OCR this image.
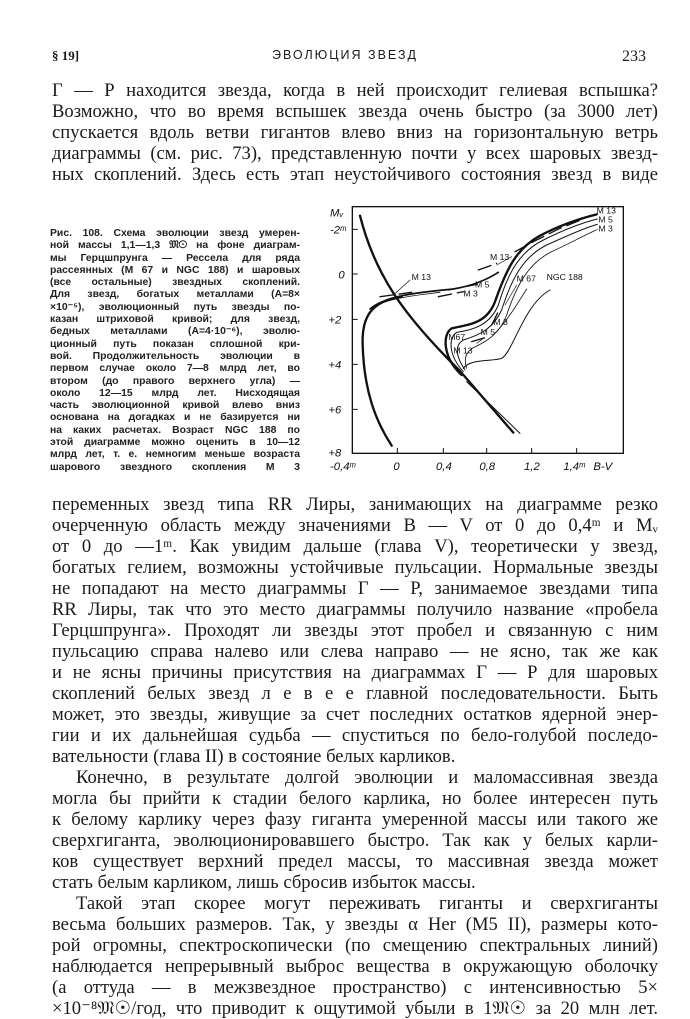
§ 19]	ЭВОЛЮЦИЯ ЗВЕЗД	233
Г — Р находится звезда, когда в ней происходит гелиевая вспышка?
Возможно, что во время вспышек звезда очень быстро (за 3000 лет)
спускается вдоль ветви гигантов влево вниз на горизонтальную ветрь
диаграммы (см. рис. 73), представленную почти у всех шаровых звезд-
ных скоплений. Здесь есть этап неустойчивого состояния звезд в виде
Рис. 108. Схема эволюции звезд умерен-
ной массы 1,1—1,3 𝔐☉ на фоне диаграм-
мы Герцшпрунга — Рессела для ряда
рассеянных (М 67 и NGC 188) и шаровых
(все остальные) звездных скоплений.
Для звезд, богатых металлами (A=8×
×10⁻⁵), эволюционный путь звезды по-
казан штриховой кривой; для звезд,
бедных металлами (A=4·10⁻⁶), эволю-
ционный путь показан сплошной кри-
вой. Продолжительность эволюции в
первом случае около 7—8 млрд лет, во
втором (до правого верхнего угла) —
около 12—15 млрд лет. Нисходящая
часть эволюционной кривой влево вниз
основана на догадках и не базируется ни
на каких расчетах. Возраст NGC 188 по
этой диаграмме можно оценить в 10—12
млрд лет, т. е. немногим меньше возраста
шарового звездного скопления М 3
Mᵥ
-2ᵐ
0
+2
+4
+6
+8
-0,4ᵐ 0 0,4 0,8 1,2 1,4ᵐ B-V
M 13
M 5
M 3
M 13
M 67 NGC 188
M 13
M 5
M 3
M67 M 5
M 3
M 13
переменных звезд типа RR Лиры, занимающих на диаграмме резко
очерченную область между значениями B — V от 0 до 0,4ᵐ и Mᵥ
от 0 до —1ᵐ. Как увидим дальше (глава V), теоретически у звезд,
богатых гелием, возможны устойчивые пульсации. Нормальные звезды
не попадают на место диаграммы Г — Р, занимаемое звездами типа
RR Лиры, так что это место диаграммы получило название «пробела
Герцшпрунга». Проходят ли звезды этот пробел и связанную с ним
пульсацию справа налево или слева направо — не ясно, так же как
и не ясны причины присутствия на диаграммах Г — Р для шаровых
скоплений белых звезд л е в е е главной последовательности. Быть
может, это звезды, живущие за счет последних остатков ядерной энер-
гии и их дальнейшая судьба — спуститься по бело-голубой последо-
вательности (глава II) в состояние белых карликов.
Конечно, в результате долгой эволюции и маломассивная звезда
могла бы прийти к стадии белого карлика, но более интересен путь
к белому карлику через фазу гиганта умеренной массы или такого же
сверхгиганта, эволюционировавшего быстро. Так как у белых карли-
ков существует верхний предел массы, то массивная звезда может
стать белым карликом, лишь сбросив избыток массы.
Такой этап скорее могут переживать гиганты и сверхгиганты
весьма больших размеров. Так, у звезды α Her (M5 II), размеры кото-
рой огромны, спектроскопически (по смещению спектральных линий)
наблюдается непрерывный выброс вещества в окружающую оболочку
(а оттуда — в межзвездное пространство) с интенсивностью 5×
×10⁻⁸𝔐☉/год, что приводит к ощутимой убыли в 1𝔐☉ за 20 млн лет.
